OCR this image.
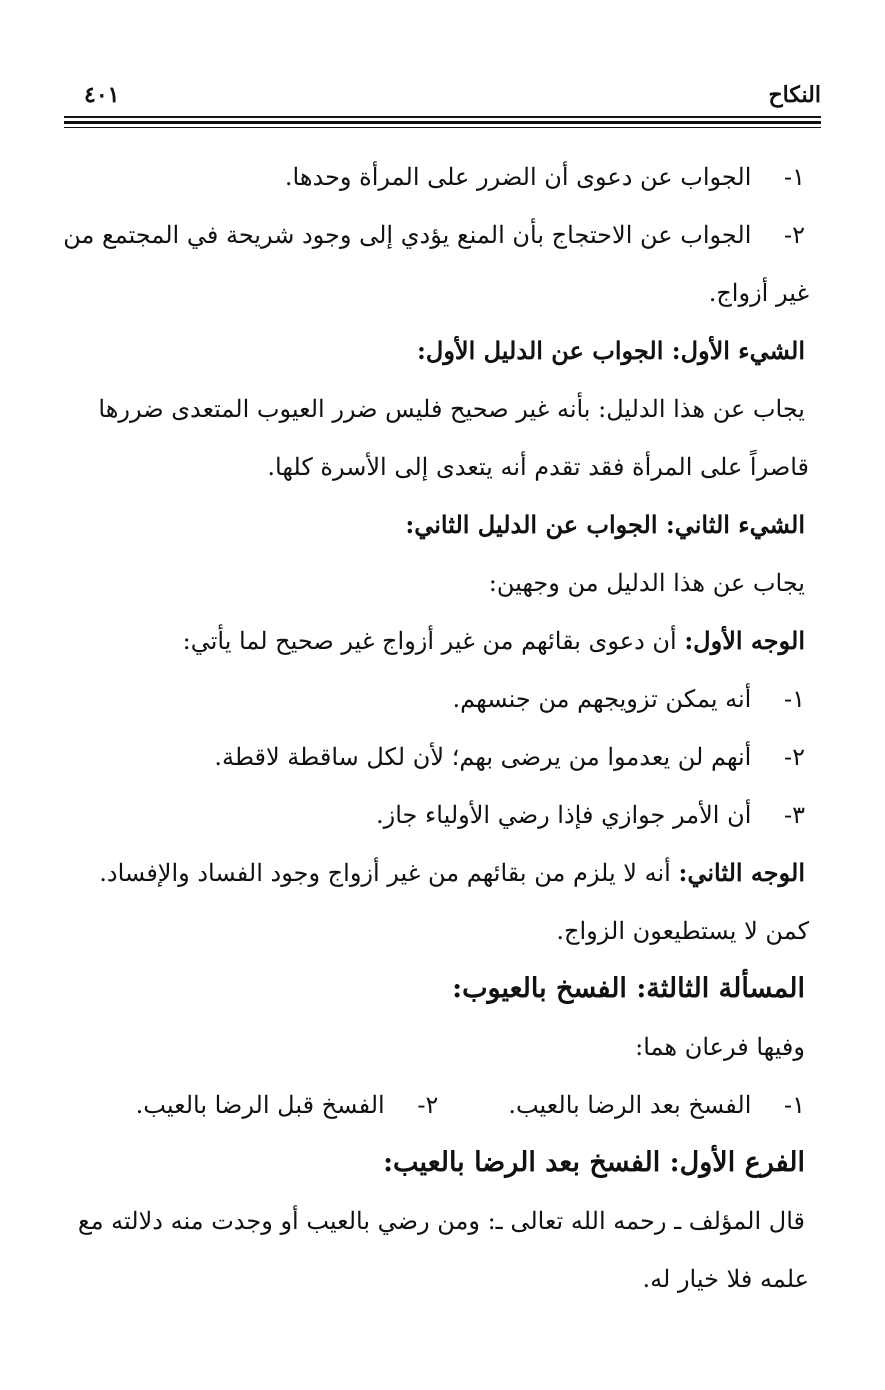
النكاح
٤٠١
١- الجواب عن دعوى أن الضرر على المرأة وحدها.
٢- الجواب عن الاحتجاج بأن المنع يؤدي إلى وجود شريحة في المجتمع من
غير أزواج.
الشيء الأول: الجواب عن الدليل الأول:
يجاب عن هذا الدليل: بأنه غير صحيح فليس ضرر العيوب المتعدى ضررها
قاصراً على المرأة فقد تقدم أنه يتعدى إلى الأسرة كلها.
الشيء الثاني: الجواب عن الدليل الثاني:
يجاب عن هذا الدليل من وجهين:
الوجه الأول: أن دعوى بقائهم من غير أزواج غير صحيح لما يأتي:
١- أنه يمكن تزويجهم من جنسهم.
٢- أنهم لن يعدموا من يرضى بهم؛ لأن لكل ساقطة لاقطة.
٣- أن الأمر جوازي فإذا رضي الأولياء جاز.
الوجه الثاني: أنه لا يلزم من بقائهم من غير أزواج وجود الفساد والإفساد.
كمن لا يستطيعون الزواج.
المسألة الثالثة: الفسخ بالعيوب:
وفيها فرعان هما:
١- الفسخ بعد الرضا بالعيب.
٢- الفسخ قبل الرضا بالعيب.
الفرع الأول: الفسخ بعد الرضا بالعيب:
قال المؤلف ـ رحمه الله تعالى ـ: ومن رضي بالعيب أو وجدت منه دلالته مع
علمه فلا خيار له.
